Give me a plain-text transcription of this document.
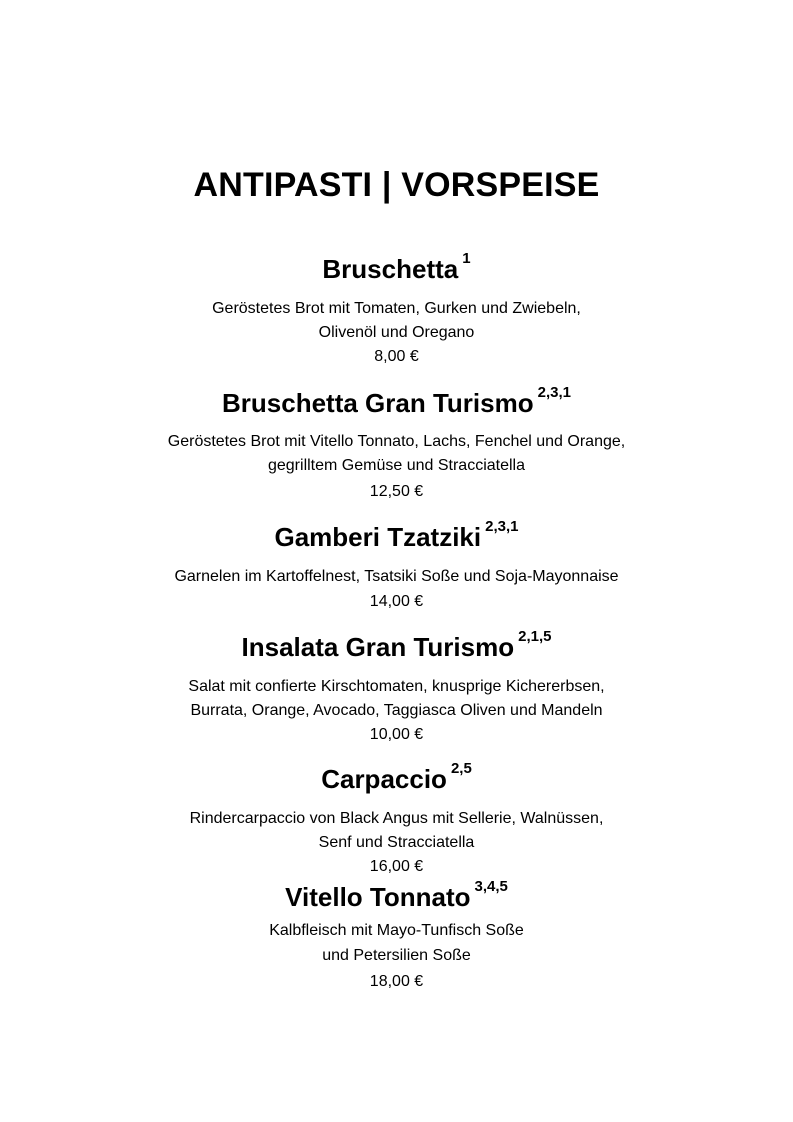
ANTIPASTI | VORSPEISE
Bruschetta $^1$
Geröstetes Brot mit Tomaten, Gurken und Zwiebeln,
Olivenöl und Oregano
8,00 €
Bruschetta Gran Turismo $^{2,3,1}$
Geröstetes Brot mit Vitello Tonnato, Lachs, Fenchel und Orange,
gegrilltem Gemüse und Stracciatella
12,50 €
Gamberi Tzatziki $^{2,3,1}$
Garnelen im Kartoffelnest, Tsatsiki Soße und Soja-Mayonnaise
14,00 €
Insalata Gran Turismo $^{2,1,5}$
Salat mit confierte Kirschtomaten, knusprige Kichererbsen,
Burrata, Orange, Avocado, Taggiasca Oliven und Mandeln
10,00 €
Carpaccio $^{2,5}$
Rindercarpaccio von Black Angus mit Sellerie, Walnüssen,
Senf und Stracciatella
16,00 €
Vitello Tonnato $^{3,4,5}$
Kalbfleisch mit Mayo-Tunfisch Soße
und Petersilien Soße
18,00 €
